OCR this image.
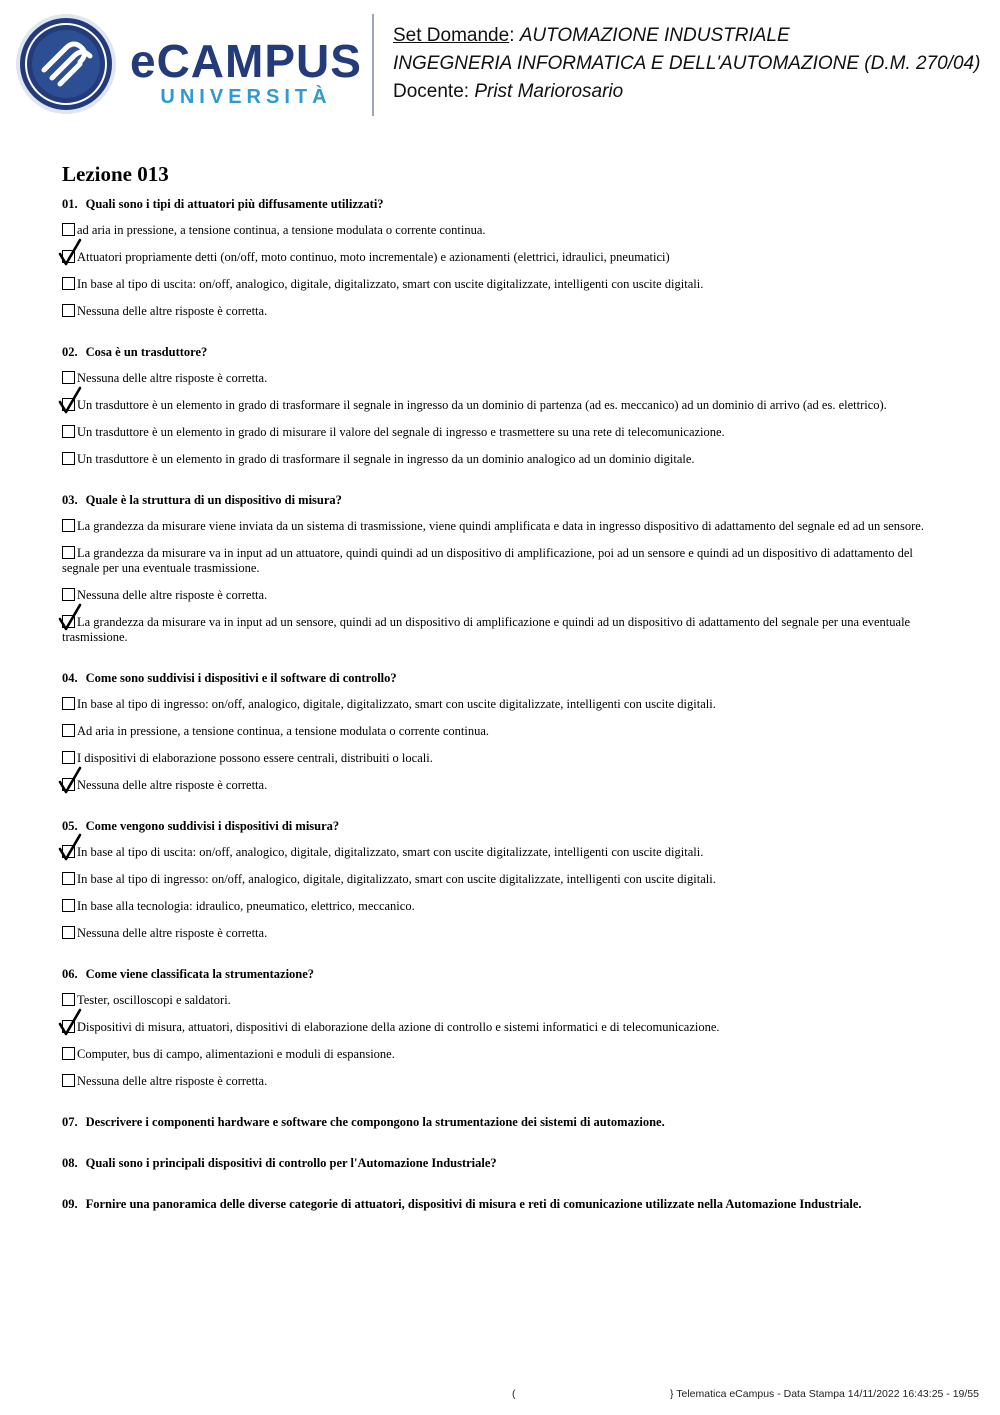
eCAMPUS
UNIVERSITÀ
Set Domande: AUTOMAZIONE INDUSTRIALE
INGEGNERIA INFORMATICA E DELL'AUTOMAZIONE (D.M. 270/04)
Docente: Prist Mariorosario
Lezione 013
01. Quali sono i tipi di attuatori più diffusamente utilizzati?
ad aria in pressione, a tensione continua, a tensione modulata o corrente continua.
Attuatori propriamente detti (on/off, moto continuo, moto incrementale) e azionamenti (elettrici, idraulici, pneumatici)
In base al tipo di uscita: on/off, analogico, digitale, digitalizzato, smart con uscite digitalizzate, intelligenti con uscite digitali.
Nessuna delle altre risposte è corretta.
02. Cosa è un trasduttore?
Nessuna delle altre risposte è corretta.
Un trasduttore è un elemento in grado di trasformare il segnale in ingresso da un dominio di partenza (ad es. meccanico) ad un dominio di arrivo (ad es. elettrico).
Un trasduttore è un elemento in grado di misurare il valore del segnale di ingresso e trasmettere su una rete di telecomunicazione.
Un trasduttore è un elemento in grado di trasformare il segnale in ingresso da un dominio analogico ad un dominio digitale.
03. Quale è la struttura di un dispositivo di misura?
La grandezza da misurare viene inviata da un sistema di trasmissione, viene quindi amplificata e data in ingresso dispositivo di adattamento del segnale ed ad un sensore.
La grandezza da misurare va in input ad un attuatore, quindi quindi ad un dispositivo di amplificazione, poi ad un sensore e quindi ad un dispositivo di adattamento del segnale per una eventuale trasmissione.
Nessuna delle altre risposte è corretta.
La grandezza da misurare va in input ad un sensore, quindi ad un dispositivo di amplificazione e quindi ad un dispositivo di adattamento del segnale per una eventuale trasmissione.
04. Come sono suddivisi i dispositivi e il software di controllo?
In base al tipo di ingresso: on/off, analogico, digitale, digitalizzato, smart con uscite digitalizzate, intelligenti con uscite digitali.
Ad aria in pressione, a tensione continua, a tensione modulata o corrente continua.
I dispositivi di elaborazione possono essere centrali, distribuiti o locali.
Nessuna delle altre risposte è corretta.
05. Come vengono suddivisi i dispositivi di misura?
In base al tipo di uscita: on/off, analogico, digitale, digitalizzato, smart con uscite digitalizzate, intelligenti con uscite digitali.
In base al tipo di ingresso: on/off, analogico, digitale, digitalizzato, smart con uscite digitalizzate, intelligenti con uscite digitali.
In base alla tecnologia: idraulico, pneumatico, elettrico, meccanico.
Nessuna delle altre risposte è corretta.
06. Come viene classificata la strumentazione?
Tester, oscilloscopi e saldatori.
Dispositivi di misura, attuatori, dispositivi di elaborazione della azione di controllo e sistemi informatici e di telecomunicazione.
Computer, bus di campo, alimentazioni e moduli di espansione.
Nessuna delle altre risposte è corretta.
07. Descrivere i componenti hardware e software che compongono la strumentazione dei sistemi di automazione.
08. Quali sono i principali dispositivi di controllo per l'Automazione Industriale?
09. Fornire una panoramica delle diverse categorie di attuatori, dispositivi di misura e reti di comunicazione utilizzate nella Automazione Industriale.
(	} Telematica eCampus - Data Stampa 14/11/2022 16:43:25 - 19/55
